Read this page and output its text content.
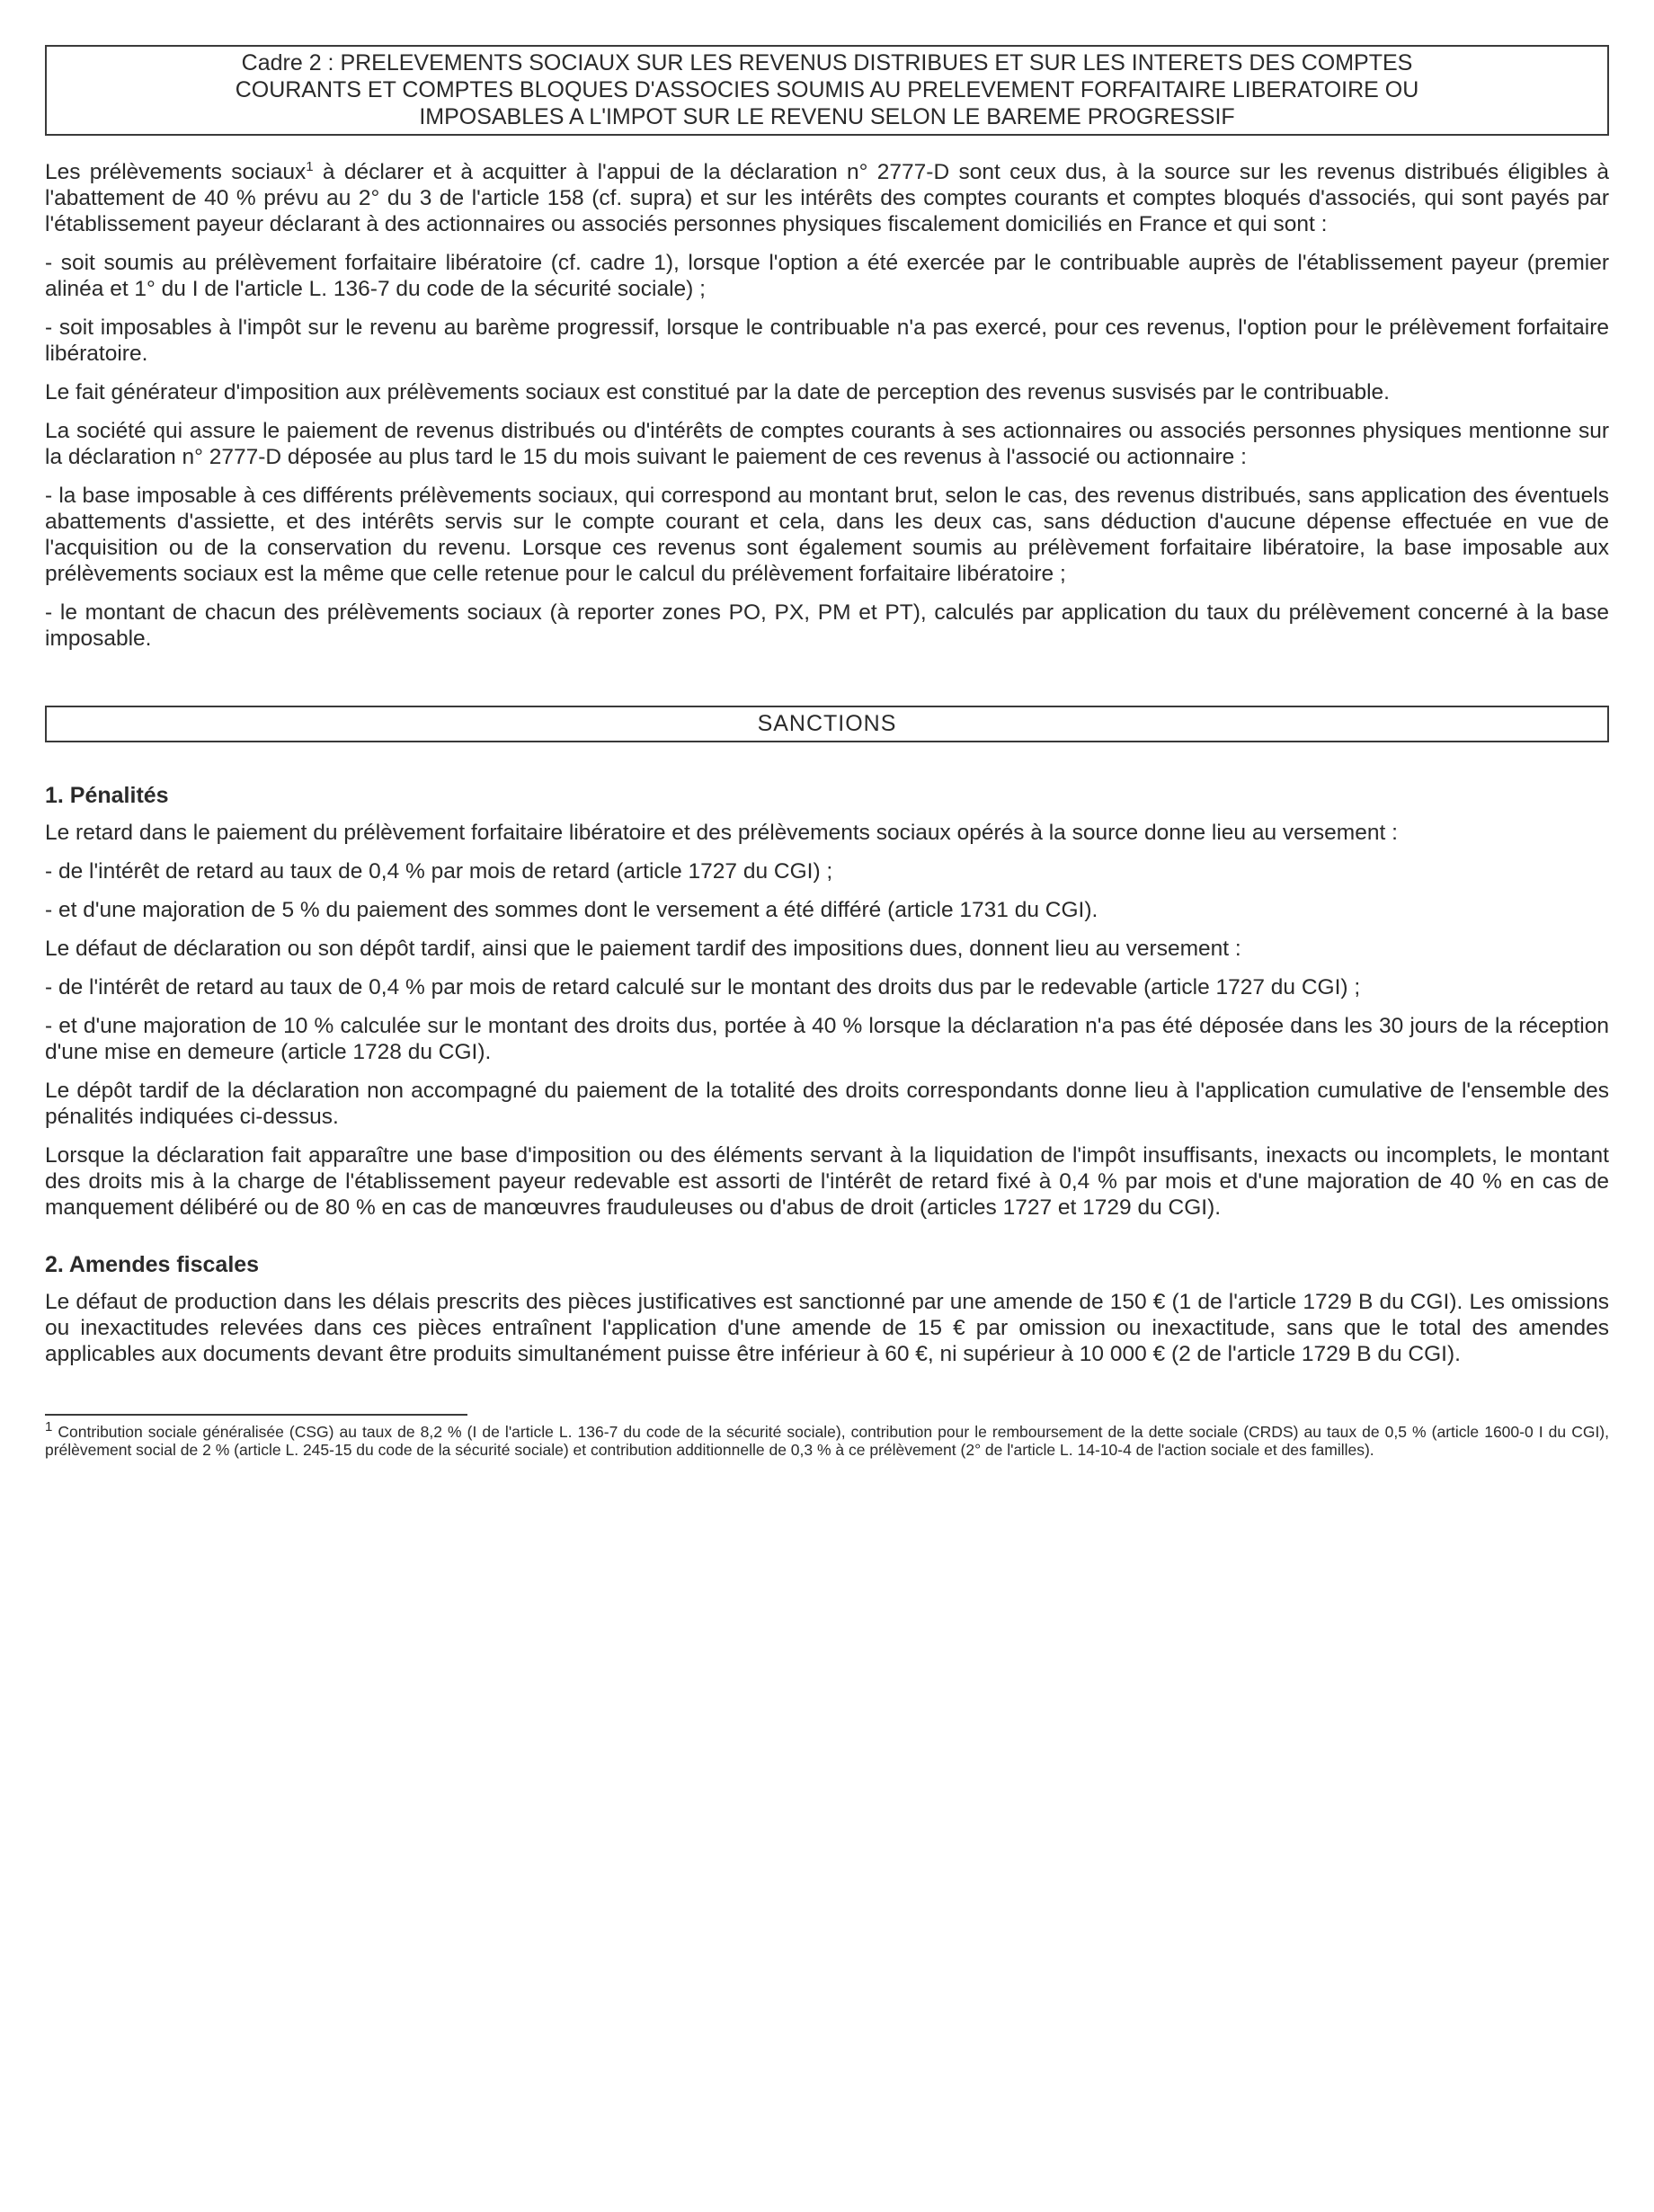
Cadre 2 : PRELEVEMENTS SOCIAUX SUR LES REVENUS DISTRIBUES ET SUR LES INTERETS DES COMPTES
COURANTS ET COMPTES BLOQUES D'ASSOCIES SOUMIS AU PRELEVEMENT FORFAITAIRE LIBERATOIRE OU
IMPOSABLES A L'IMPOT SUR LE REVENU SELON LE BAREME PROGRESSIF

Les prélèvements sociaux$^1$ à déclarer et à acquitter à l'appui de la déclaration n° 2777-D sont ceux dus, à la source sur les revenus distribués éligibles à l'abattement de 40 % prévu au 2° du 3 de l'article 158 (cf. supra) et sur les intérêts des comptes courants et comptes bloqués d'associés, qui sont payés par l'établissement payeur déclarant à des actionnaires ou associés personnes physiques fiscalement domiciliés en France et qui sont :

- soit soumis au prélèvement forfaitaire libératoire (cf. cadre 1), lorsque l'option a été exercée par le contribuable auprès de l'établissement payeur (premier alinéa et 1° du I de l'article L. 136-7 du code de la sécurité sociale) ;

- soit imposables à l'impôt sur le revenu au barème progressif, lorsque le contribuable n'a pas exercé, pour ces revenus, l'option pour le prélèvement forfaitaire libératoire.

Le fait générateur d'imposition aux prélèvements sociaux est constitué par la date de perception des revenus susvisés par le contribuable.

La société qui assure le paiement de revenus distribués ou d'intérêts de comptes courants à ses actionnaires ou associés personnes physiques mentionne sur la déclaration n° 2777-D déposée au plus tard le 15 du mois suivant le paiement de ces revenus à l'associé ou actionnaire :

- la base imposable à ces différents prélèvements sociaux, qui correspond au montant brut, selon le cas, des revenus distribués, sans application des éventuels abattements d'assiette, et des intérêts servis sur le compte courant et cela, dans les deux cas, sans déduction d'aucune dépense effectuée en vue de l'acquisition ou de la conservation du revenu. Lorsque ces revenus sont également soumis au prélèvement forfaitaire libératoire, la base imposable aux prélèvements sociaux est la même que celle retenue pour le calcul du prélèvement forfaitaire libératoire ;

- le montant de chacun des prélèvements sociaux (à reporter zones PO, PX, PM et PT), calculés par application du taux du prélèvement concerné à la base imposable.

SANCTIONS
1. Pénalités

Le retard dans le paiement du prélèvement forfaitaire libératoire et des prélèvements sociaux opérés à la source donne lieu au versement :

- de l'intérêt de retard au taux de 0,4 % par mois de retard (article 1727 du CGI) ;

- et d'une majoration de 5 % du paiement des sommes dont le versement a été différé (article 1731 du CGI).

Le défaut de déclaration ou son dépôt tardif, ainsi que le paiement tardif des impositions dues, donnent lieu au versement :

- de l'intérêt de retard au taux de 0,4 % par mois de retard calculé sur le montant des droits dus par le redevable (article 1727 du CGI) ;

- et d'une majoration de 10 % calculée sur le montant des droits dus, portée à 40 % lorsque la déclaration n'a pas été déposée dans les 30 jours de la réception d'une mise en demeure (article 1728 du CGI).

Le dépôt tardif de la déclaration non accompagné du paiement de la totalité des droits correspondants donne lieu à l'application cumulative de l'ensemble des pénalités indiquées ci-dessus.

Lorsque la déclaration fait apparaître une base d'imposition ou des éléments servant à la liquidation de l'impôt insuffisants, inexacts ou incomplets, le montant des droits mis à la charge de l'établissement payeur redevable est assorti de l'intérêt de retard fixé à 0,4 % par mois et d'une majoration de 40 % en cas de manquement délibéré ou de 80 % en cas de manœuvres frauduleuses ou d'abus de droit (articles 1727 et 1729 du CGI).

2. Amendes fiscales

Le défaut de production dans les délais prescrits des pièces justificatives est sanctionné par une amende de 150 € (1 de l'article 1729 B du CGI). Les omissions ou inexactitudes relevées dans ces pièces entraînent l'application d'une amende de 15 € par omission ou inexactitude, sans que le total des amendes applicables aux documents devant être produits simultanément puisse être inférieur à 60 €, ni supérieur à 10 000 € (2 de l'article 1729 B du CGI).

$^1$ Contribution sociale généralisée (CSG) au taux de 8,2 % (I de l'article L. 136-7 du code de la sécurité sociale), contribution pour le remboursement de la dette sociale (CRDS) au taux de 0,5 % (article 1600-0 I du CGI), prélèvement social de 2 % (article L. 245-15 du code de la sécurité sociale) et contribution additionnelle de 0,3 % à ce prélèvement (2° de l'article L. 14-10-4 de l'action sociale et des familles).
